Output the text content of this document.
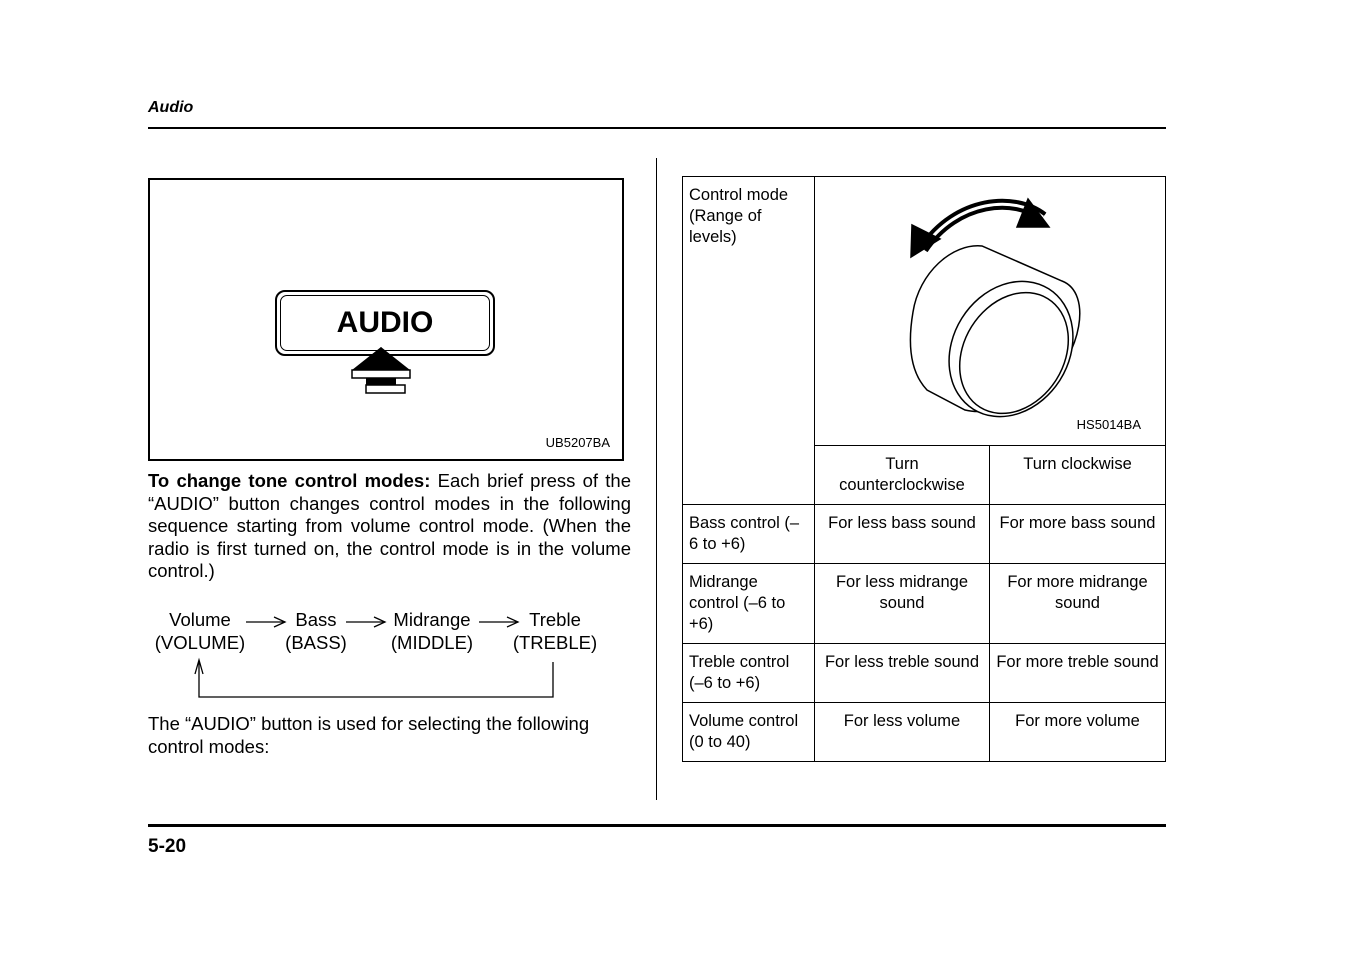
Audio
AUDIO
UB5207BA
To change tone control modes: Each brief press of the “AUDIO” button changes control modes in the following sequence starting from volume control mode. (When the radio is first turned on, the control mode is in the volume control.)
Volume
(VOLUME)
Bass
(BASS)
Midrange
(MIDDLE)
Treble
(TREBLE)
The “AUDIO” button is used for selecting the following control modes:
Control mode (Range of levels)	HS5014BA	

	Turn counterclockwise	Turn clockwise
Bass control (–6 to +6)	For less bass sound	For more bass sound
Midrange control (–6 to +6)	For less midrange sound	For more midrange sound
Treble control (–6 to +6)	For less treble sound	For more treble sound
Volume control (0 to 40)	For less volume	For more volume
5-20
